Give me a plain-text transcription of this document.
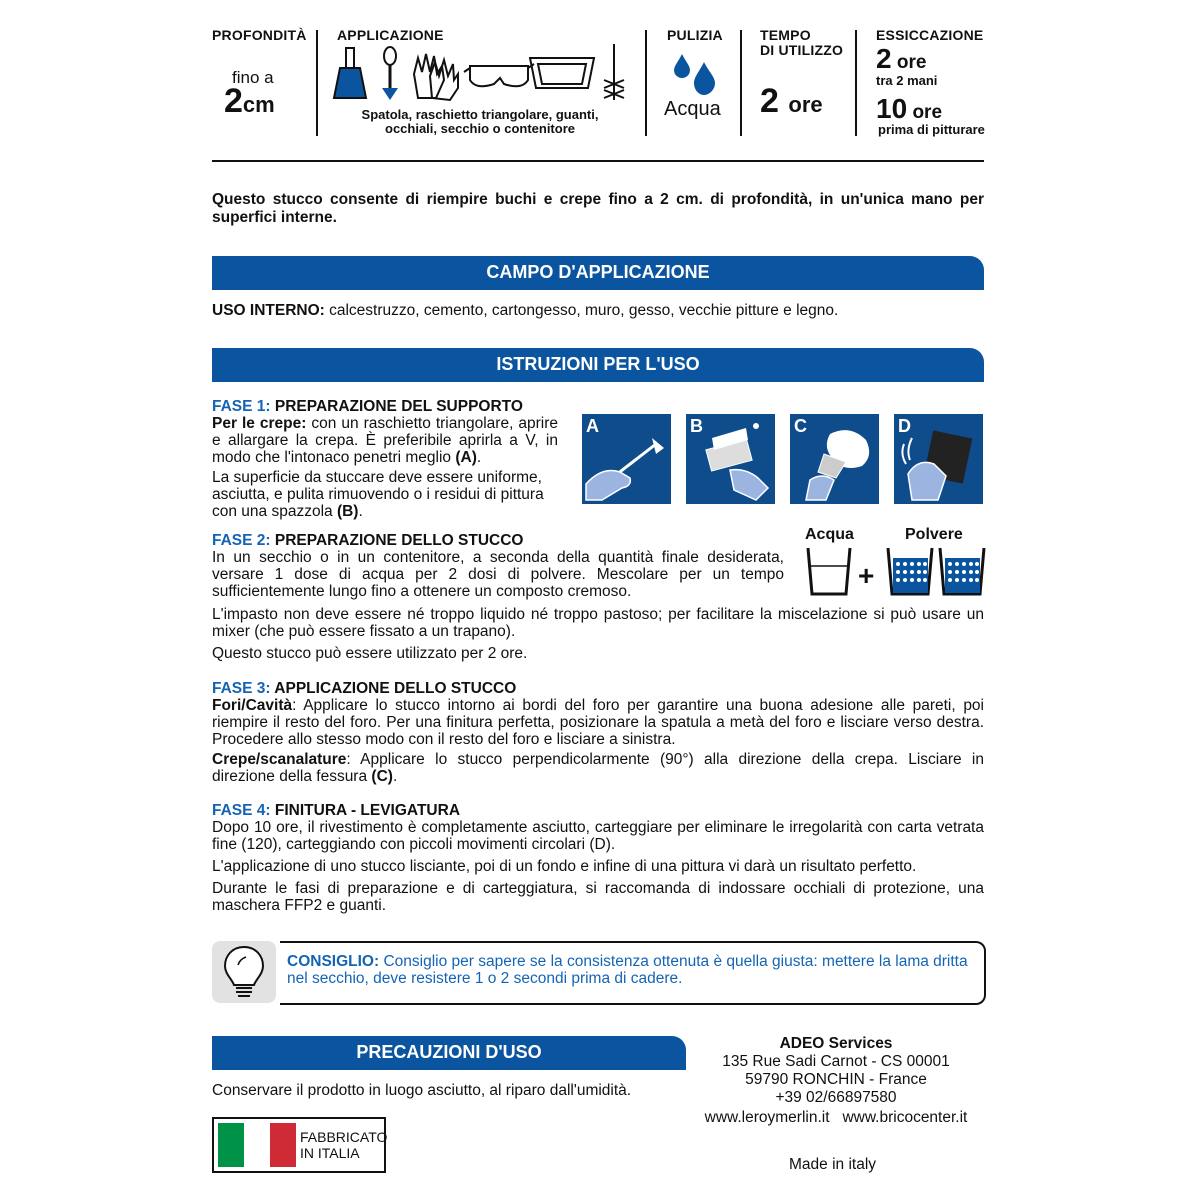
PROFONDITÀ
fino a
2cm
APPLICAZIONE
Spatola, raschietto triangolare, guanti,
occhiali, secchio o contenitore
PULIZIA
Acqua
TEMPO
DI UTILIZZO
2 ore
ESSICCAZIONE
2 ore
tra 2 mani
10 ore
prima di pitturare
Questo stucco consente di riempire buchi e crepe fino a 2 cm. di profondità, in un'unica mano per superfici interne.
CAMPO D'APPLICAZIONE
USO INTERNO: calcestruzzo, cemento, cartongesso, muro, gesso, vecchie pitture e legno.
ISTRUZIONI PER L'USO

FASE 1: PREPARAZIONE DEL SUPPORTO

Per le crepe: con un raschietto triangolare, aprire e allargare la crepa. È preferibile aprirla a V, in modo che l'intonaco penetri meglio (A).

La superficie da stuccare deve essere uniforme, asciutta, e pulita rimuovendo o i residui di pittura con una spazzola (B).

A	B	C	D

FASE 2: PREPARAZIONE DELLO STUCCO

In un secchio o in un contenitore, a seconda della quantità finale desiderata, versare 1 dose di acqua per 2 dosi di polvere. Mescolare per un tempo sufficientemente lungo fino a ottenere un composto cremoso.

L'impasto non deve essere né troppo liquido né troppo pastoso; per facilitare la miscelazione si può usare un mixer (che può essere fissato a un trapano).

Questo stucco può essere utilizzato per 2 ore.

Acqua	Polvere
+

FASE 3: APPLICAZIONE DELLO STUCCO

Fori/Cavità: Applicare lo stucco intorno ai bordi del foro per garantire una buona adesione alle pareti, poi riempire il resto del foro. Per una finitura perfetta, posizionare la spatula a metà del foro e lisciare verso destra. Procedere allo stesso modo con il resto del foro e lisciare a sinistra.

Crepe/scanalature: Applicare lo stucco perpendicolarmente (90°) alla direzione della crepa. Lisciare in direzione della fessura (C).

FASE 4: FINITURA - LEVIGATURA

Dopo 10 ore, il rivestimento è completamente asciutto, carteggiare per eliminare le irregolarità con carta vetrata fine (120), carteggiando con piccoli movimenti circolari (D).

L'applicazione di uno stucco lisciante, poi di un fondo e infine di una pittura vi darà un risultato perfetto.

Durante le fasi di preparazione e di carteggiatura, si raccomanda di indossare occhiali di protezione, una maschera FFP2 e guanti.

CONSIGLIO: Consiglio per sapere se la consistenza ottenuta è quella giusta: mettere la lama dritta nel secchio, deve resistere 1 o 2 secondi prima di cadere.
PRECAUZIONI D'USO
Conservare il prodotto in luogo asciutto, al riparo dall'umidità.
FABBRICATO
IN ITALIA
ADEO Services
135 Rue Sadi Carnot - CS 00001
59790 RONCHIN - France
+39 02/66897580
www.leroymerlin.it www.bricocenter.it
Made in italy
